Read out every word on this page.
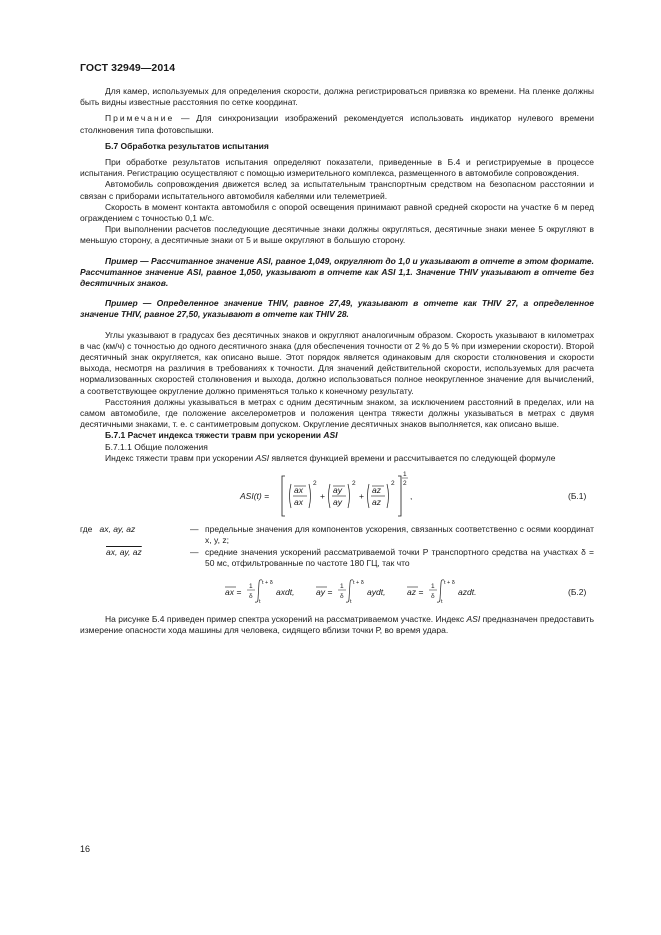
ГОСТ 32949—2014

Для камер, используемых для определения скорости, должна регистрироваться привязка ко времени. На пленке должны быть видны известные расстояния по сетке координат.

Примечание — Для синхронизации изображений рекомендуется использовать индикатор нулевого времени столкновения типа фотовспышки.

Б.7 Обработка результатов испытания

При обработке результатов испытания определяют показатели, приведенные в Б.4 и регистрируемые в процессе испытания. Регистрацию осуществляют с помощью измерительного комплекса, размещенного в автомобиле сопровождения.

Автомобиль сопровождения движется вслед за испытательным транспортным средством на безопасном расстоянии и связан с приборами испытательного автомобиля кабелями или телеметрией.

Скорость в момент контакта автомобиля с опорой освещения принимают равной средней скорости на участке 6 м перед ограждением с точностью 0,1 м/с.

При выполнении расчетов последующие десятичные знаки должны округляться, десятичные знаки менее 5 округляют в меньшую сторону, а десятичные знаки от 5 и выше округляют в большую сторону.

Пример — Рассчитанное значение ASI, равное 1,049, округляют до 1,0 и указывают в отчете в этом формате. Рассчитанное значение ASI, равное 1,050, указывают в отчете как ASI 1,1. Значение THIV указывают в отчете без десятичных знаков.

Пример — Определенное значение THIV, равное 27,49, указывают в отчете как THIV 27, а определенное значение THIV, равное 27,50, указывают в отчете как THIV 28.

Углы указывают в градусах без десятичных знаков и округляют аналогичным образом. Скорость указывают в километрах в час (км/ч) с точностью до одного десятичного знака (для обеспечения точности от 2 % до 5 % при измерении скорости). Второй десятичный знак округляется, как описано выше. Этот порядок является одинаковым для скорости столкновения и скорости выхода, несмотря на различия в требованиях к точности. Для значений действительной скорости, используемых для расчета нормализованных скоростей столкновения и выхода, должно использоваться полное неокругленное значение для вычислений, а соответствующее округление должно применяться только к конечному результату.

Расстояния должны указываться в метрах с одним десятичным знаком, за исключением расстояний в пределах, или на самом автомобиле, где положение акселерометров и положения центра тяжести должны указываться в метрах с двумя десятичными знаками, т. е. с сантиметровым допуском. Округление десятичных знаков выполняется, как описано выше.

Б.7.1 Расчет индекса тяжести травм при ускорении ASI

Б.7.1.1 Общие положения

Индекс тяжести травм при ускорении ASI является функцией времени и рассчитывается по следующей формуле

ASI(t) =
ax
ax
2
+
ay
ay
2
+
az
az
2
1
2
,	(Б.1)
где ax, ay, az	— предельные значения для компонентов ускорения, связанных соответственно с осями координат x, y, z;
ax, ay, az	— средние значения ускорений рассматриваемой точки Р транспортного средства на участках δ = 50 мс, отфильтрованные по частоте 180 ГЦ, так что
ax =
1
δ
t + δ
t
axdt,	ay =
1
δ
t + δ
t
aydt,	az =
1
δ
t + δ
t
azdt.	(Б.2)

На рисунке Б.4 приведен пример спектра ускорений на рассматриваемом участке. Индекс ASI предназначен предоставить измерение опасности хода машины для человека, сидящего вблизи точки Р, во время удара.

16
